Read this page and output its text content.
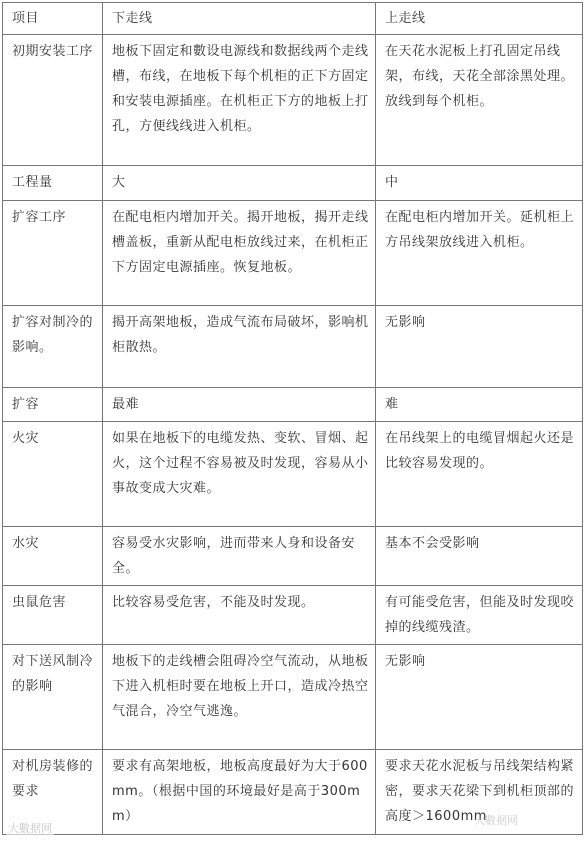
项目	下走线	上走线
初期安装工序	地板下固定和數设电源线和数据线两个走线槽，布线，在地板下每个机柜的正下方固定和安装电源插座。在机柜正下方的地板上打孔，方便线线进入机柜。	在天花水泥板上打孔固定吊线架，布线，天花全部涂黑处理。放线到每个机柜。
工程量	大	中
扩容工序	在配电柜内增加开关。揭开地板，揭开走线槽盖板，重新从配电柜放线过来，在机柜正下方固定电源插座。恢复地板。	在配电柜内增加开关。延机柜上方吊线架放线进入机柜。
扩容对制冷的影响。	揭开高架地板，造成气流布局破坏，影响机柜散热。	无影响
扩容	最难	难
火灾	如果在地板下的电缆发热、变软、冒烟、起火，这个过程不容易被及时发现，容易从小事故变成大灾难。	在吊线架上的电缆冒烟起火还是比较容易发现的。
水灾	容易受水灾影响，进而带来人身和设备安全。	基本不会受影响
虫鼠危害	比较容易受危害，不能及时发现。	有可能受危害，但能及时发现咬掉的线缆残渣。
对下送风制冷的影响	地板下的走线槽会阻碍冷空气流动，从地板下进入机柜时要在地板上开口，造成冷热空气混合，冷空气逃逸。	无影响
对机房装修的要求	要求有高架地板，地板高度最好为大于600mm。（根据中国的环境最好是高于300mm）	要求天花水泥板与吊线架结构紧密，要求天花梁下到机柜顶部的高度＞1600mm
大數据网
大數据网
